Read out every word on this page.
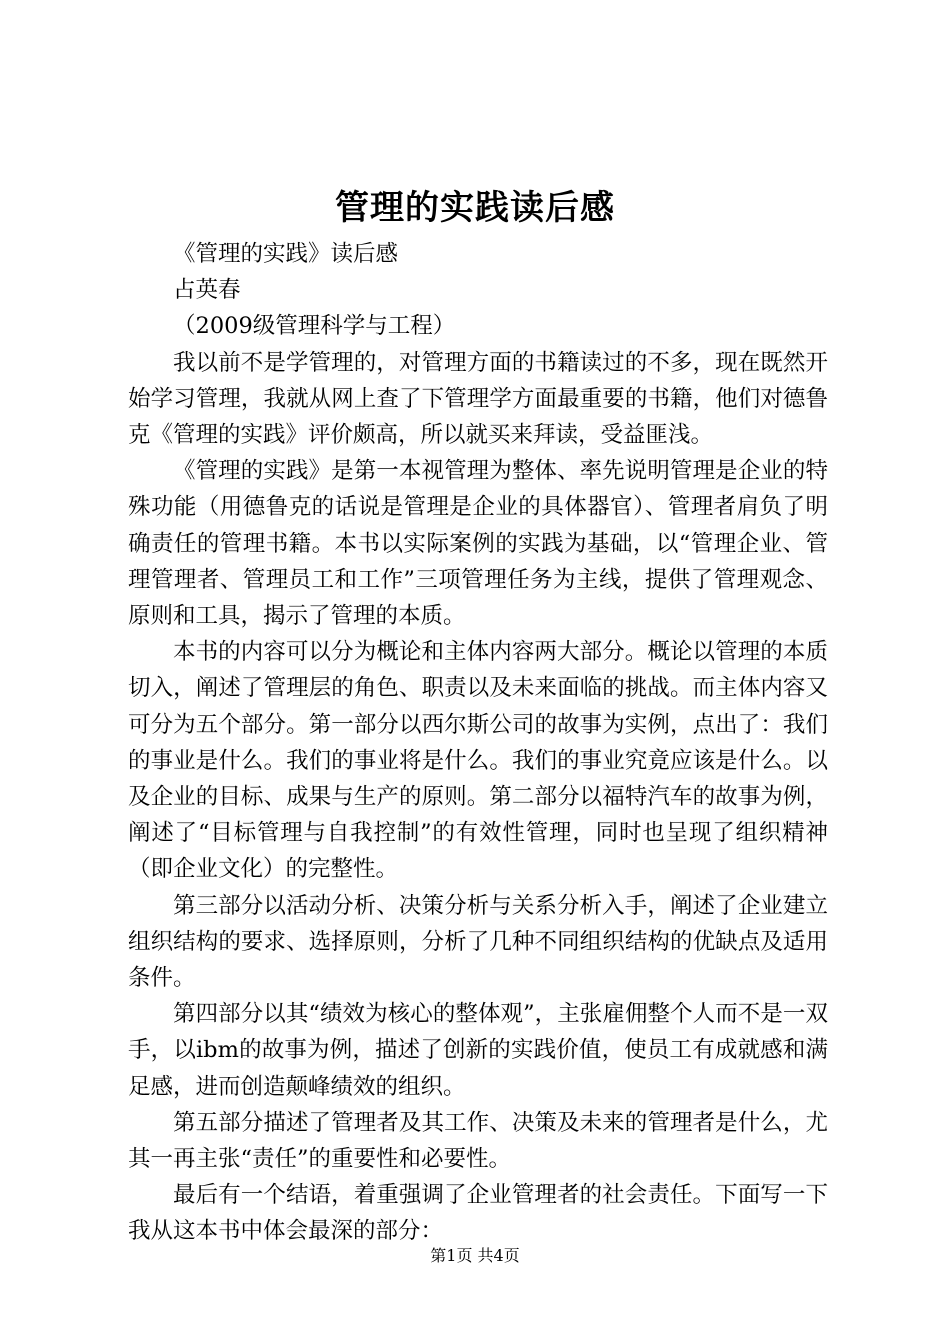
管理的实践读后感

《管理的实践》读后感

占英春

（2009级管理科学与工程）

我以前不是学管理的，对管理方面的书籍读过的不多，现在既然开始学习管理，我就从网上查了下管理学方面最重要的书籍，他们对德鲁克《管理的实践》评价颇高，所以就买来拜读，受益匪浅。

《管理的实践》是第一本视管理为整体、率先说明管理是企业的特殊功能（用德鲁克的话说是管理是企业的具体器官）、管理者肩负了明确责任的管理书籍。本书以实际案例的实践为基础，以“管理企业、管理管理者、管理员工和工作”三项管理任务为主线，提供了管理观念、原则和工具，揭示了管理的本质。

本书的内容可以分为概论和主体内容两大部分。概论以管理的本质切入，阐述了管理层的角色、职责以及未来面临的挑战。而主体内容又可分为五个部分。第一部分以西尔斯公司的故事为实例，点出了：我们的事业是什么。我们的事业将是什么。我们的事业究竟应该是什么。以及企业的目标、成果与生产的原则。第二部分以福特汽车的故事为例，阐述了“目标管理与自我控制”的有效性管理，同时也呈现了组织精神（即企业文化）的完整性。

第三部分以活动分析、决策分析与关系分析入手，阐述了企业建立组织结构的要求、选择原则，分析了几种不同组织结构的优缺点及适用条件。

第四部分以其“绩效为核心的整体观”，主张雇佣整个人而不是一双手，以ibm的故事为例，描述了创新的实践价值，使员工有成就感和满足感，进而创造颠峰绩效的组织。

第五部分描述了管理者及其工作、决策及未来的管理者是什么，尤其一再主张“责任”的重要性和必要性。

最后有一个结语，着重强调了企业管理者的社会责任。下面写一下我从这本书中体会最深的部分：

第1页 共4页
